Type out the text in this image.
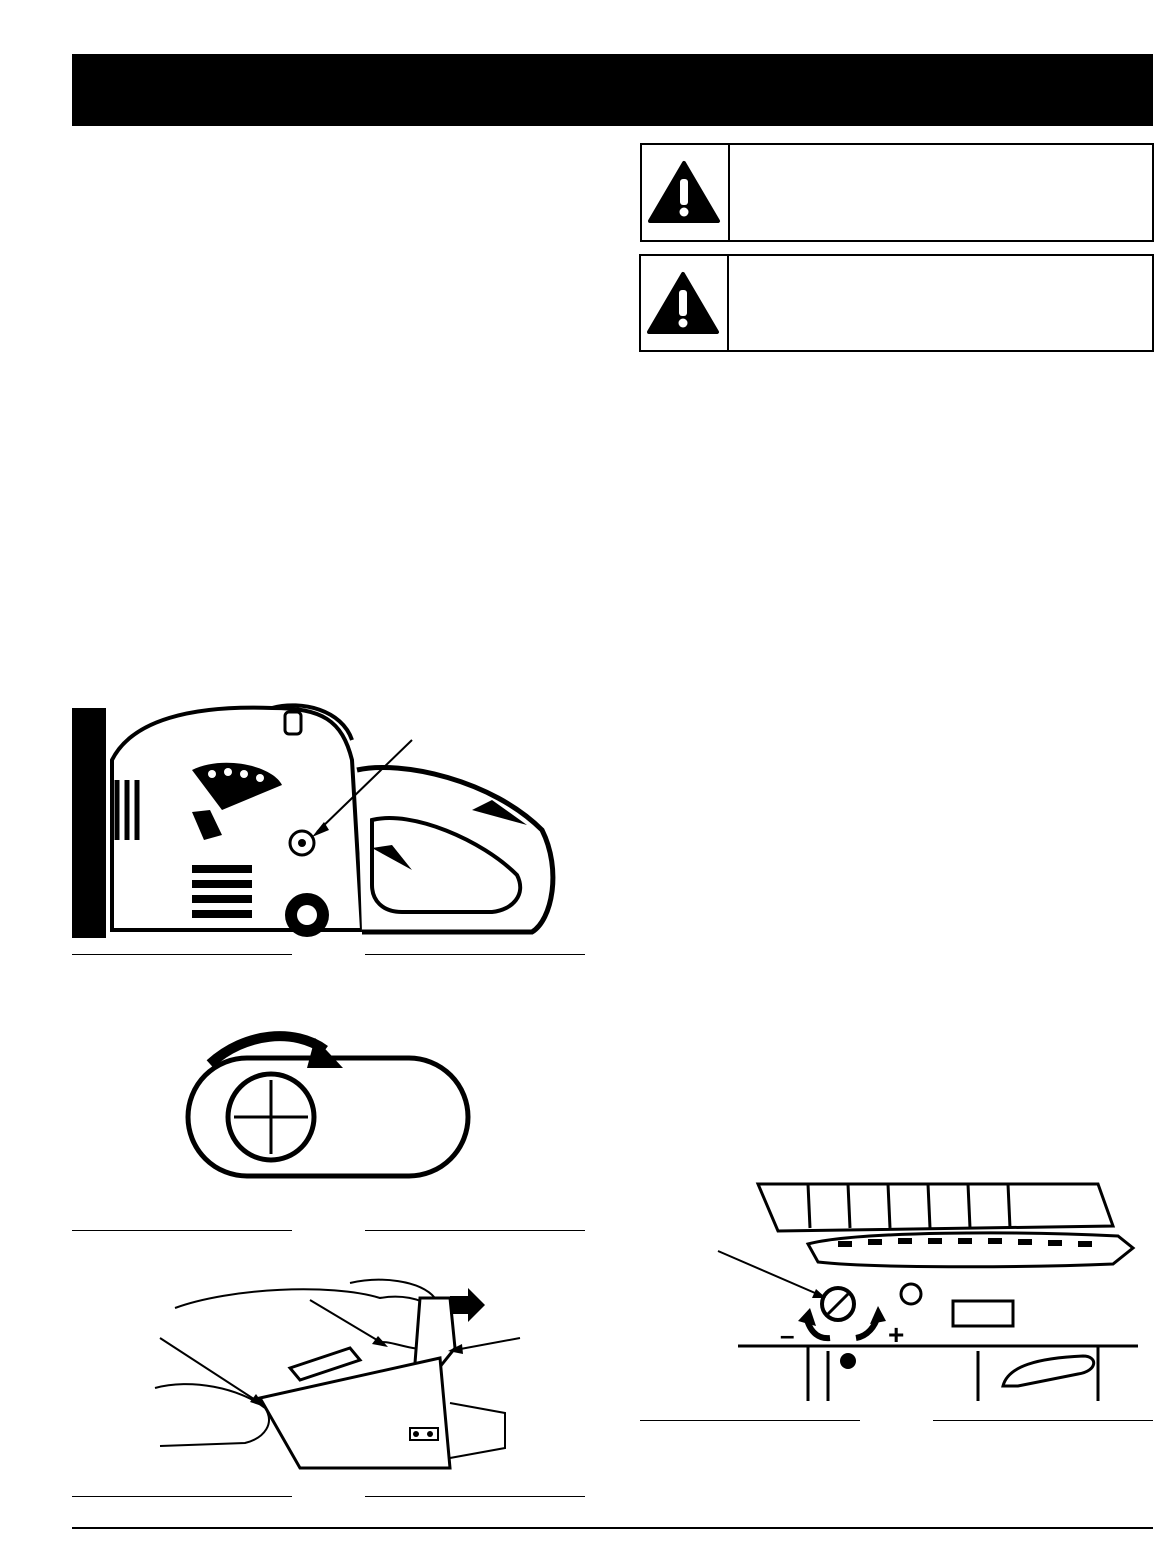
–	+
